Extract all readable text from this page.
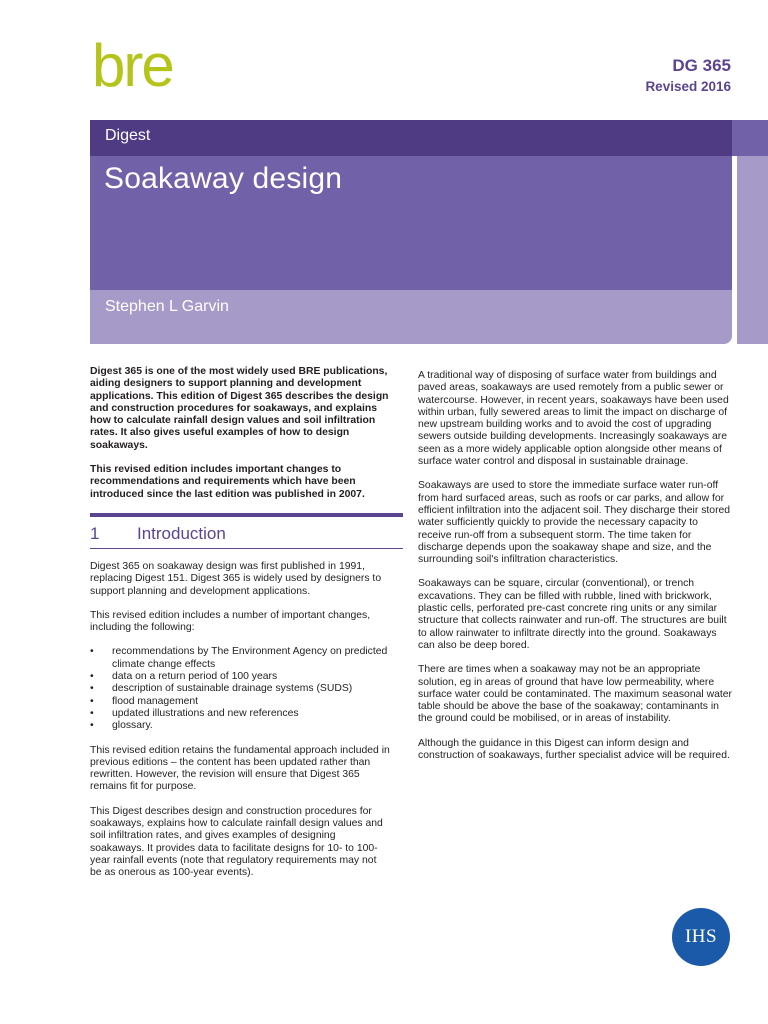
bre	DG 365
Revised 2016
Digest
Soakaway design
Stephen L Garvin

Digest 365 is one of the most widely used BRE publications, aiding designers to support planning and development applications. This edition of Digest 365 describes the design and construction procedures for soakaways, and explains how to calculate rainfall design values and soil infiltration rates. It also gives useful examples of how to design soakaways.

This revised edition includes important changes to recommendations and requirements which have been introduced since the last edition was published in 2007.

1	Introduction

Digest 365 on soakaway design was first published in 1991, replacing Digest 151. Digest 365 is widely used by designers to support planning and development applications.

This revised edition includes a number of important changes, including the following:

• recommendations by The Environment Agency on predicted climate change effects
• data on a return period of 100 years
• description of sustainable drainage systems (SUDS)
• flood management
• updated illustrations and new references
• glossary.

This revised edition retains the fundamental approach included in previous editions – the content has been updated rather than rewritten. However, the revision will ensure that Digest 365 remains fit for purpose.

This Digest describes design and construction procedures for soakaways, explains how to calculate rainfall design values and soil infiltration rates, and gives examples of designing soakaways. It provides data to facilitate designs for 10- to 100-year rainfall events (note that regulatory requirements may not be as onerous as 100-year events).

A traditional way of disposing of surface water from buildings and paved areas, soakaways are used remotely from a public sewer or watercourse. However, in recent years, soakaways have been used within urban, fully sewered areas to limit the impact on discharge of new upstream building works and to avoid the cost of upgrading sewers outside building developments. Increasingly soakaways are seen as a more widely applicable option alongside other means of surface water control and disposal in sustainable drainage.

Soakaways are used to store the immediate surface water run-off from hard surfaced areas, such as roofs or car parks, and allow for efficient infiltration into the adjacent soil. They discharge their stored water sufficiently quickly to provide the necessary capacity to receive run-off from a subsequent storm. The time taken for discharge depends upon the soakaway shape and size, and the surrounding soil's infiltration characteristics.

Soakaways can be square, circular (conventional), or trench excavations. They can be filled with rubble, lined with brickwork, plastic cells, perforated pre-cast concrete ring units or any similar structure that collects rainwater and run-off. The structures are built to allow rainwater to infiltrate directly into the ground. Soakaways can also be deep bored.

There are times when a soakaway may not be an appropriate solution, eg in areas of ground that have low permeability, where surface water could be contaminated. The maximum seasonal water table should be above the base of the soakaway; contaminants in the ground could be mobilised, or in areas of instability.

Although the guidance in this Digest can inform design and construction of soakaways, further specialist advice will be required.

IHS
